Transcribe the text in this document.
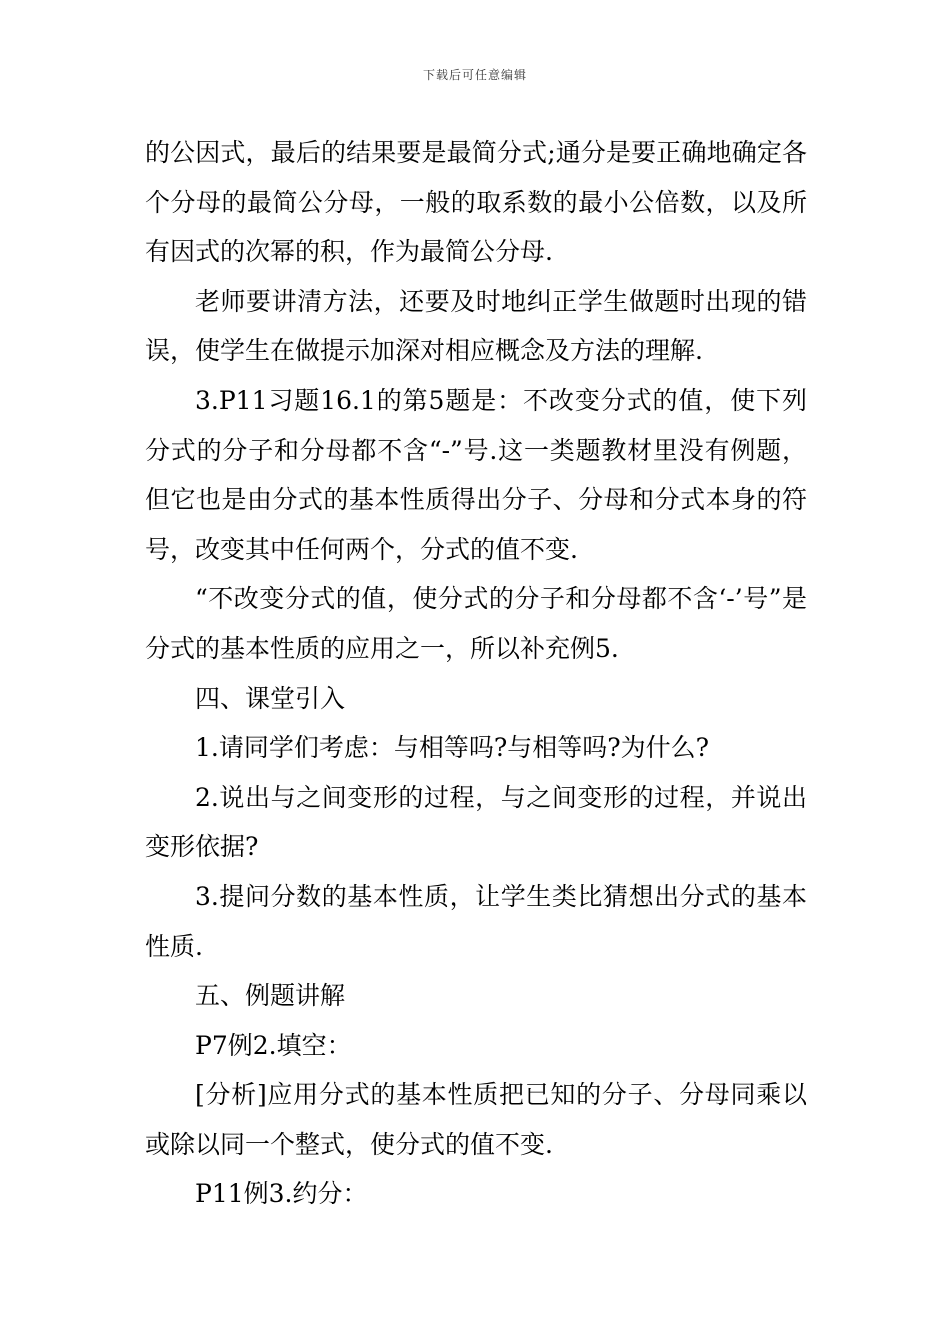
下载后可任意编辑

的公因式，最后的结果要是最简分式;通分是要正确地确定各个分母的最简公分母，一般的取系数的最小公倍数，以及所有因式的次幂的积，作为最简公分母.

老师要讲清方法，还要及时地纠正学生做题时出现的错误，使学生在做提示加深对相应概念及方法的理解.

3.P11习题16.1的第5题是：不改变分式的值，使下列分式的分子和分母都不含“-”号.这一类题教材里没有例题，但它也是由分式的基本性质得出分子、分母和分式本身的符号，改变其中任何两个，分式的值不变.

“不改变分式的值，使分式的分子和分母都不含‘-’号”是分式的基本性质的应用之一，所以补充例5.

四、课堂引入

1.请同学们考虑：与相等吗?与相等吗?为什么?

2.说出与之间变形的过程，与之间变形的过程，并说出变形依据?

3.提问分数的基本性质，让学生类比猜想出分式的基本性质.

五、例题讲解

P7例2.填空：

[分析]应用分式的基本性质把已知的分子、分母同乘以或除以同一个整式，使分式的值不变.

P11例3.约分：
